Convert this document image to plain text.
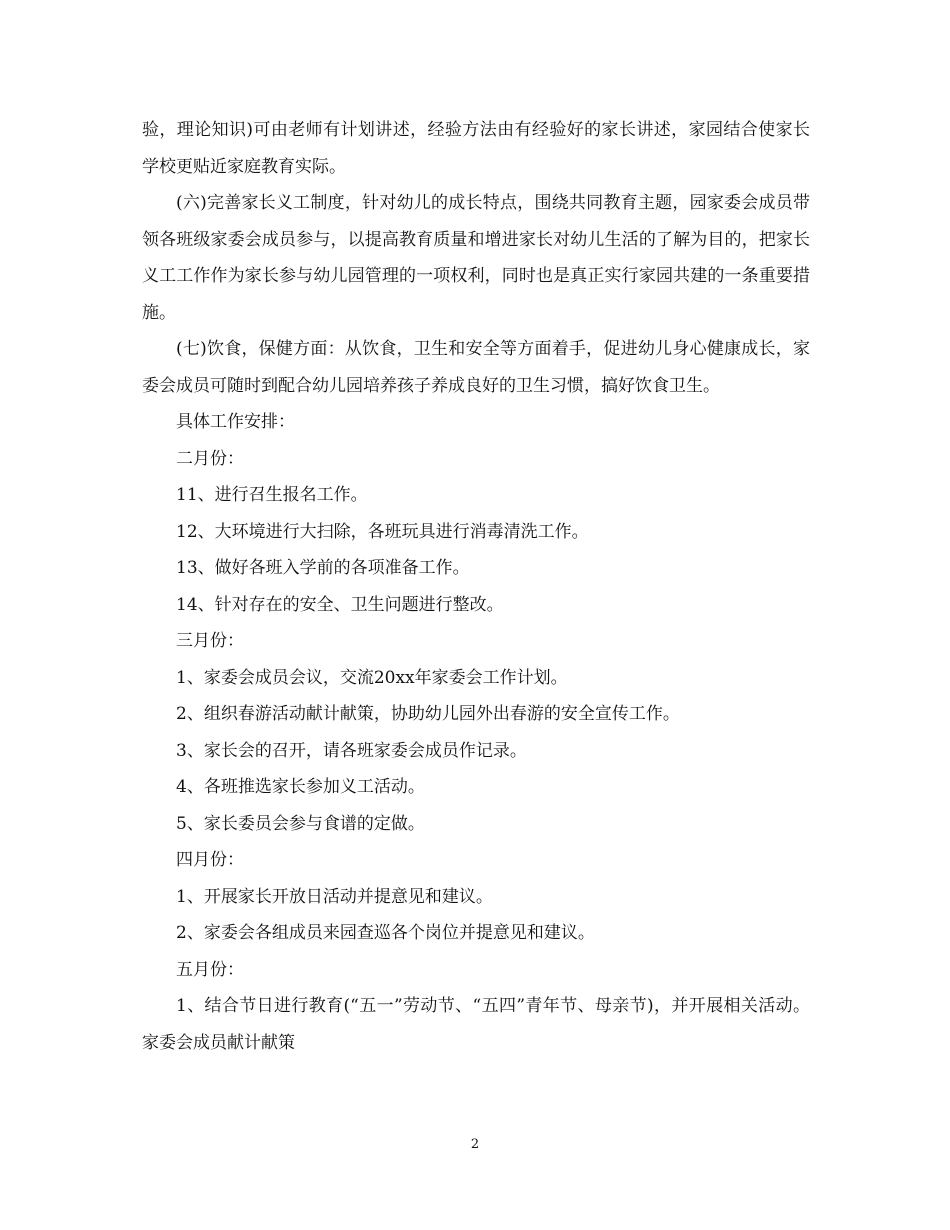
验，理论知识)可由老师有计划讲述，经验方法由有经验好的家长讲述，家园结合使家长学校更贴近家庭教育实际。

(六)完善家长义工制度，针对幼儿的成长特点，围绕共同教育主题，园家委会成员带领各班级家委会成员参与，以提高教育质量和增进家长对幼儿生活的了解为目的，把家长义工工作作为家长参与幼儿园管理的一项权利，同时也是真正实行家园共建的一条重要措施。

(七)饮食，保健方面：从饮食，卫生和安全等方面着手，促进幼儿身心健康成长，家委会成员可随时到配合幼儿园培养孩子养成良好的卫生习惯，搞好饮食卫生。

具体工作安排：

二月份：

11、进行召生报名工作。

12、大环境进行大扫除，各班玩具进行消毒清洗工作。

13、做好各班入学前的各项准备工作。

14、针对存在的安全、卫生问题进行整改。

三月份：

1、家委会成员会议，交流20xx年家委会工作计划。

2、组织春游活动献计献策，协助幼儿园外出春游的安全宣传工作。

3、家长会的召开，请各班家委会成员作记录。

4、各班推选家长参加义工活动。

5、家长委员会参与食谱的定做。

四月份：

1、开展家长开放日活动并提意见和建议。

2、家委会各组成员来园查巡各个岗位并提意见和建议。

五月份：

1、结合节日进行教育(“五一”劳动节、“五四”青年节、母亲节)，并开展相关活动。家委会成员献计献策

2
